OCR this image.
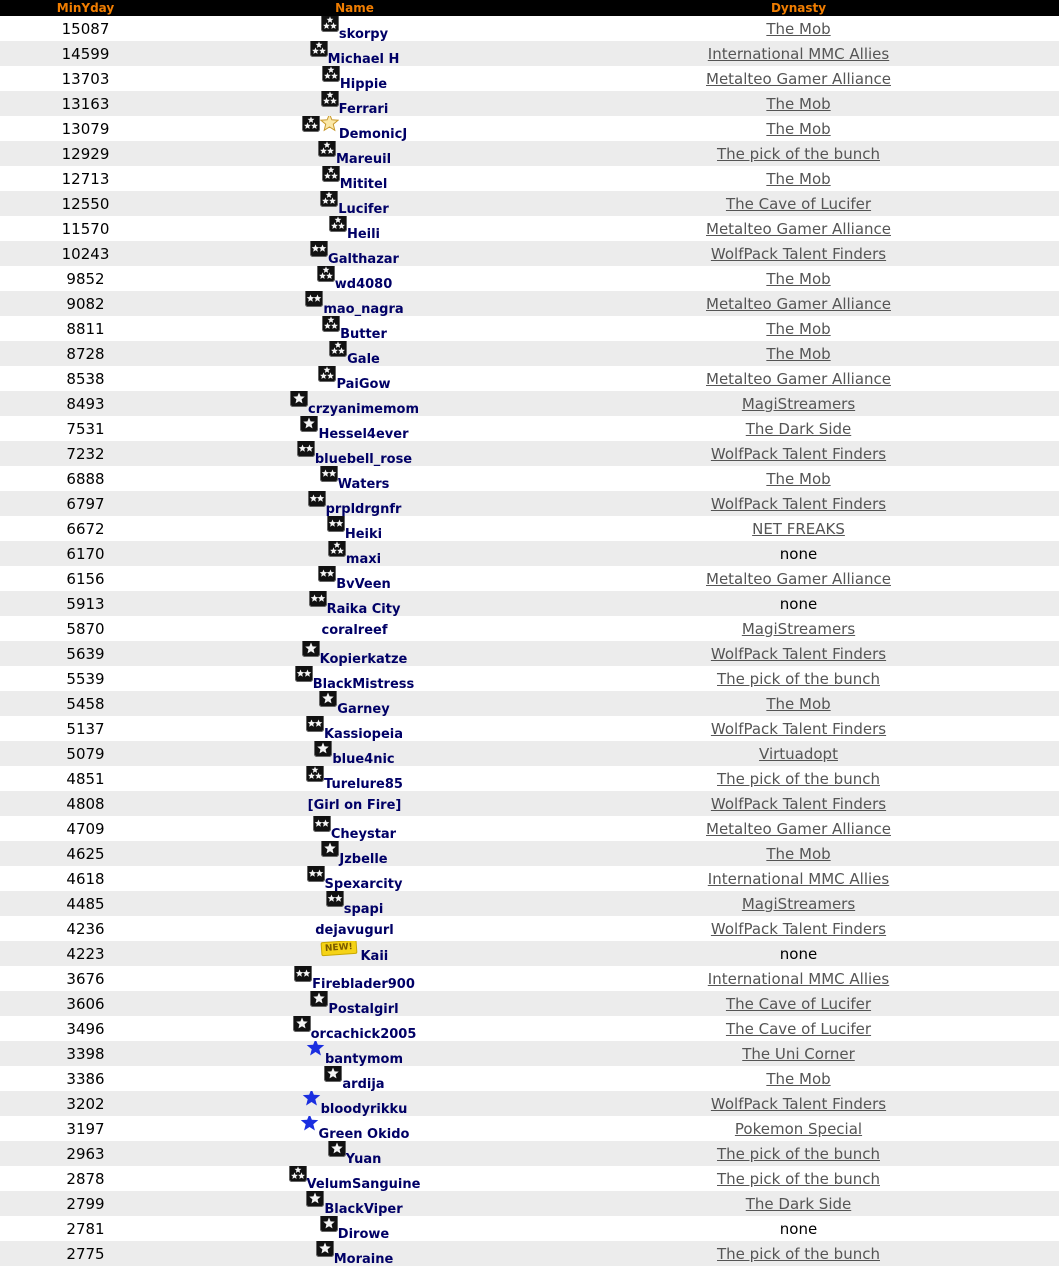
MinYday	Name	Dynasty
15087	skorpy	The Mob
14599	Michael H	International MMC Allies
13703	Hippie	Metalteo Gamer Alliance
13163	Ferrari	The Mob
13079	DemonicJ	The Mob
12929	Mareuil	The pick of the bunch
12713	Mititel	The Mob
12550	Lucifer	The Cave of Lucifer
11570	Heili	Metalteo Gamer Alliance
10243	Galthazar	WolfPack Talent Finders
9852	wd4080	The Mob
9082	mao_nagra	Metalteo Gamer Alliance
8811	Butter	The Mob
8728	Gale	The Mob
8538	PaiGow	Metalteo Gamer Alliance
8493	crzyanimemom	MagiStreamers
7531	Hessel4ever	The Dark Side
7232	bluebell_rose	WolfPack Talent Finders
6888	Waters	The Mob
6797	prpldrgnfr	WolfPack Talent Finders
6672	Heiki	NET FREAKS
6170	maxi	none
6156	BvVeen	Metalteo Gamer Alliance
5913	Raika City	none
5870	coralreef	MagiStreamers
5639	Kopierkatze	WolfPack Talent Finders
5539	BlackMistress	The pick of the bunch
5458	Garney	The Mob
5137	Kassiopeia	WolfPack Talent Finders
5079	blue4nic	Virtuadopt
4851	Turelure85	The pick of the bunch
4808	[Girl on Fire]	WolfPack Talent Finders
4709	Cheystar	Metalteo Gamer Alliance
4625	Jzbelle	The Mob
4618	Spexarcity	International MMC Allies
4485	spapi	MagiStreamers
4236	dejavugurl	WolfPack Talent Finders
4223	NEW!Kaii	none
3676	Fireblader900	International MMC Allies
3606	Postalgirl	The Cave of Lucifer
3496	orcachick2005	The Cave of Lucifer
3398	bantymom	The Uni Corner
3386	ardija	The Mob
3202	bloodyrikku	WolfPack Talent Finders
3197	Green Okido	Pokemon Special
2963	Yuan	The pick of the bunch
2878	VelumSanguine	The pick of the bunch
2799	BlackViper	The Dark Side
2781	Dirowe	none
2775	Moraine	The pick of the bunch
